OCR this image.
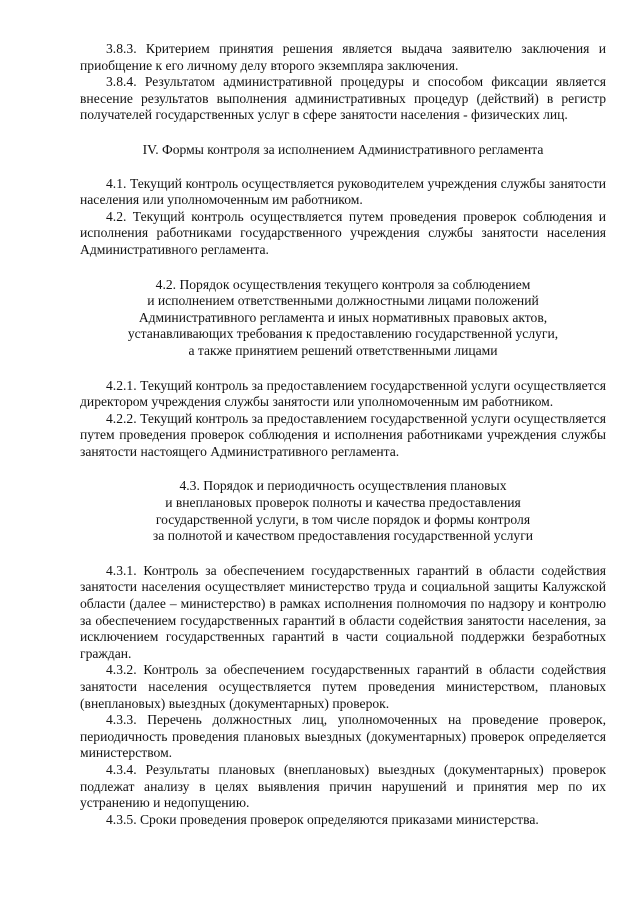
3.8.3. Критерием принятия решения является выдача заявителю заключения и приобщение к его личному делу второго экземпляра заключения.

3.8.4. Результатом административной процедуры и способом фиксации является внесение результатов выполнения административных процедур (действий) в регистр получателей государственных услуг в сфере занятости населения - физических лиц.

IV. Формы контроля за исполнением Административного регламента

4.1. Текущий контроль осуществляется руководителем учреждения службы занятости населения или уполномоченным им работником.

4.2. Текущий контроль осуществляется путем проведения проверок соблюдения и исполнения работниками государственного учреждения службы занятости населения Административного регламента.

4.2. Порядок осуществления текущего контроля за соблюдением
и исполнением ответственными должностными лицами положений
Административного регламента и иных нормативных правовых актов,
устанавливающих требования к предоставлению государственной услуги,
а также принятием решений ответственными лицами

4.2.1. Текущий контроль за предоставлением государственной услуги осуществляется директором учреждения службы занятости или уполномоченным им работником.

4.2.2. Текущий контроль за предоставлением государственной услуги осуществляется путем проведения проверок соблюдения и исполнения работниками учреждения службы занятости настоящего Административного регламента.

4.3. Порядок и периодичность осуществления плановых
и внеплановых проверок полноты и качества предоставления
государственной услуги, в том числе порядок и формы контроля
за полнотой и качеством предоставления государственной услуги

4.3.1. Контроль за обеспечением государственных гарантий в области содействия занятости населения осуществляет министерство труда и социальной защиты Калужской области (далее – министерство) в рамках исполнения полномочия по надзору и контролю за обеспечением государственных гарантий в области содействия занятости населения, за исключением государственных гарантий в части социальной поддержки безработных граждан.

4.3.2. Контроль за обеспечением государственных гарантий в области содействия занятости населения осуществляется путем проведения министерством, плановых (внеплановых) выездных (документарных) проверок.

4.3.3. Перечень должностных лиц, уполномоченных на проведение проверок, периодичность проведения плановых выездных (документарных) проверок определяется министерством.

4.3.4. Результаты плановых (внеплановых) выездных (документарных) проверок подлежат анализу в целях выявления причин нарушений и принятия мер по их устранению и недопущению.

4.3.5. Сроки проведения проверок определяются приказами министерства.
